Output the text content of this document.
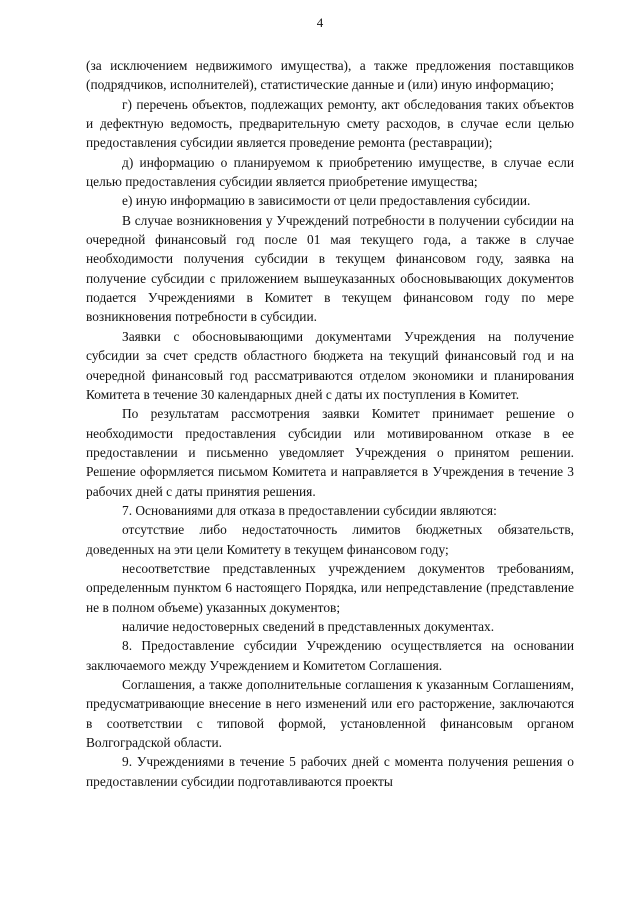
4

(за исключением недвижимого имущества), а также предложения поставщиков (подрядчиков, исполнителей), статистические данные и (или) иную информацию;

г) перечень объектов, подлежащих ремонту, акт обследования таких объектов и дефектную ведомость, предварительную смету расходов, в случае если целью предоставления субсидии является проведение ремонта (реставрации);

д) информацию о планируемом к приобретению имуществе, в случае если целью предоставления субсидии является приобретение имущества;

е) иную информацию в зависимости от цели предоставления субсидии.

В случае возникновения у Учреждений потребности в получении субсидии на очередной финансовый год после 01 мая текущего года, а также в случае необходимости получения субсидии в текущем финансовом году, заявка на получение субсидии с приложением вышеуказанных обосновывающих документов подается Учреждениями в Комитет в текущем финансовом году по мере возникновения потребности в субсидии.

Заявки с обосновывающими документами Учреждения на получение субсидии за счет средств областного бюджета на текущий финансовый год и на очередной финансовый год рассматриваются отделом экономики и планирования Комитета в течение 30 календарных дней с даты их поступления в Комитет.

По результатам рассмотрения заявки Комитет принимает решение о необходимости предоставления субсидии или мотивированном отказе в ее предоставлении и письменно уведомляет Учреждения о принятом решении. Решение оформляется письмом Комитета и направляется в Учреждения в течение 3 рабочих дней с даты принятия решения.

7. Основаниями для отказа в предоставлении субсидии являются:

отсутствие либо недостаточность лимитов бюджетных обязательств, доведенных на эти цели Комитету в текущем финансовом году;

несоответствие представленных учреждением документов требованиям, определенным пунктом 6 настоящего Порядка, или непредставление (представление не в полном объеме) указанных документов;

наличие недостоверных сведений в представленных документах.

8. Предоставление субсидии Учреждению осуществляется на основании заключаемого между Учреждением и Комитетом Соглашения.

Соглашения, а также дополнительные соглашения к указанным Соглашениям, предусматривающие внесение в него изменений или его расторжение, заключаются в соответствии с типовой формой, установленной финансовым органом Волгоградской области.

9. Учреждениями в течение 5 рабочих дней с момента получения решения о предоставлении субсидии подготавливаются проекты
